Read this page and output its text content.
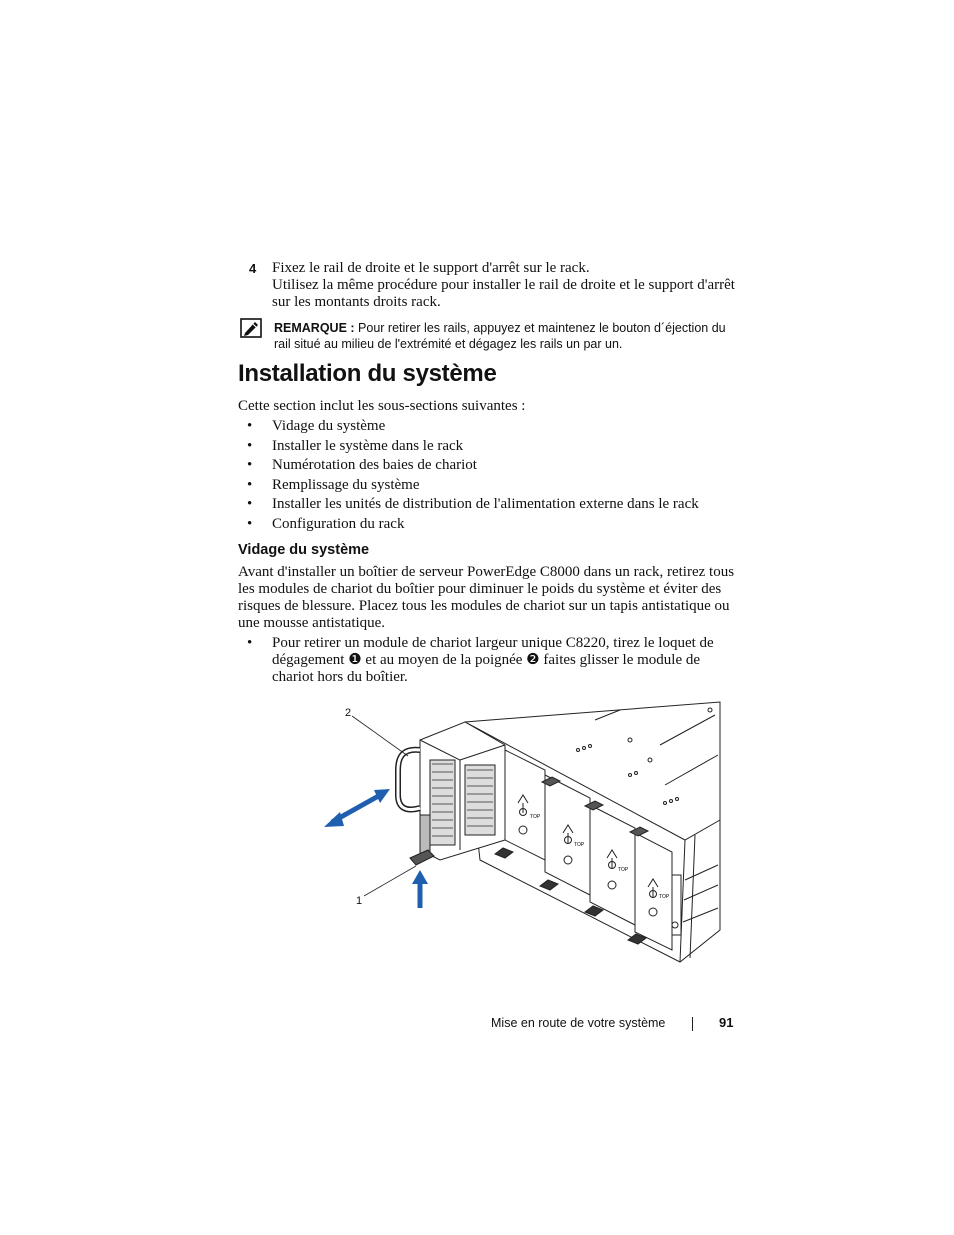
4 Fixez le rail de droite et le support d'arrêt sur le rack.

Utilisez la même procédure pour installer le rail de droite et le support d'arrêt sur les montants droits rack.

REMARQUE : Pour retirer les rails, appuyez et maintenez le bouton d´éjection du rail situé au milieu de l'extrémité et dégagez les rails un par un.
Installation du système
Cette section inclut les sous-sections suivantes :
•	Vidage du système
•	Installer le système dans le rack
•	Numérotation des baies de chariot
•	Remplissage du système
•	Installer les unités de distribution de l'alimentation externe dans le rack
•	Configuration du rack
Vidage du système

Avant d'installer un boîtier de serveur PowerEdge C8000 dans un rack, retirez tous les modules de chariot du boîtier pour diminuer le poids du système et éviter des risques de blessure. Placez tous les modules de chariot sur un tapis antistatique ou une mousse antistatique.

•	Pour retirer un module de chariot largeur unique C8220, tirez le loquet de dégagement ❶ et au moyen de la poignée ❷ faites glisser le module de chariot hors du boîtier.
TOP
TOP
TOP
TOP
2
1
Mise en route de votre système	91
